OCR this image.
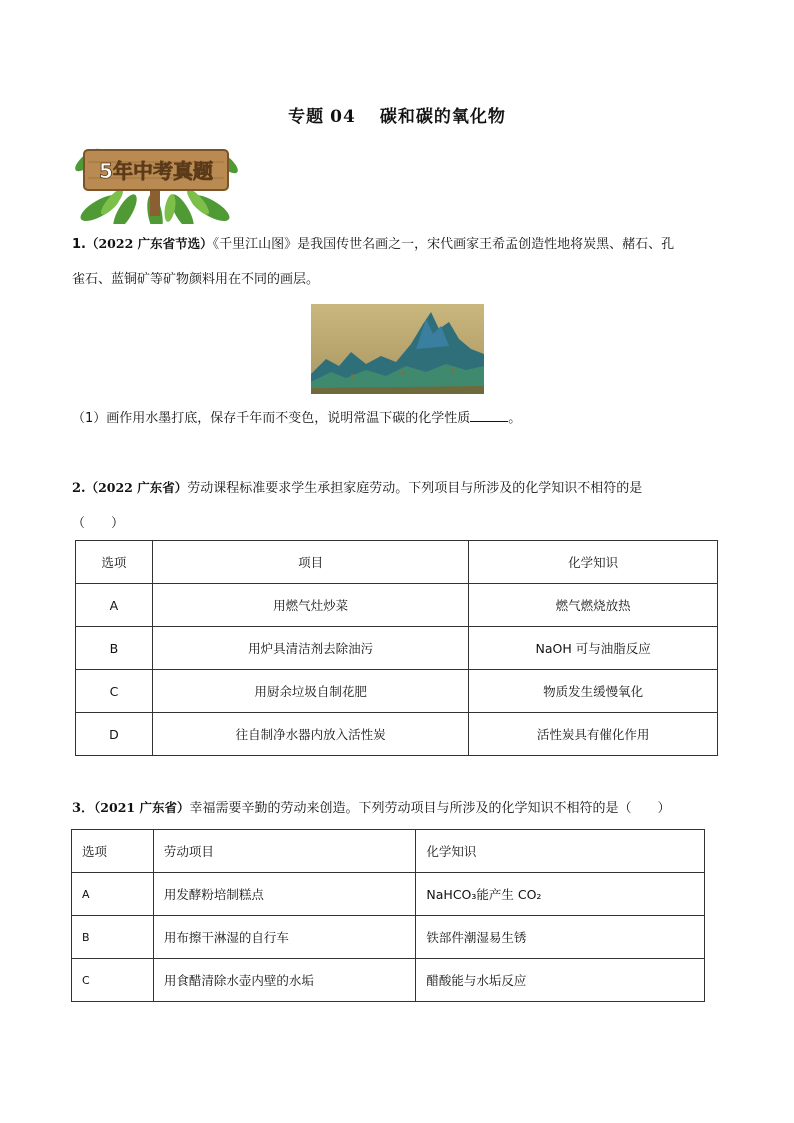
专题 04 碳和碳的氧化物
5年中考真题
1.（2022 广东省节选）《千里江山图》是我国传世名画之一，宋代画家王希孟创造性地将炭黑、赭石、孔
雀石、蓝铜矿等矿物颜料用在不同的画层。
（1）画作用水墨打底，保存千年而不变色，说明常温下碳的化学性质	。
2.（2022 广东省）劳动课程标准要求学生承担家庭劳动。下列项目与所涉及的化学知识不相符的是
（　　）
选项	项目	化学知识
A	用燃气灶炒菜	燃气燃烧放热
B	用炉具清洁剂去除油污	NaOH 可与油脂反应
C	用厨余垃圾自制花肥	物质发生缓慢氧化
D	往自制净水器内放入活性炭	活性炭具有催化作用
3．（2021 广东省）幸福需要辛勤的劳动来创造。下列劳动项目与所涉及的化学知识不相符的是（　　）
选项	劳动项目	化学知识
A	用发酵粉培制糕点	NaHCO₃能产生 CO₂
B	用布擦干淋湿的自行车	铁部件潮湿易生锈
C	用食醋清除水壶内壁的水垢	醋酸能与水垢反应
